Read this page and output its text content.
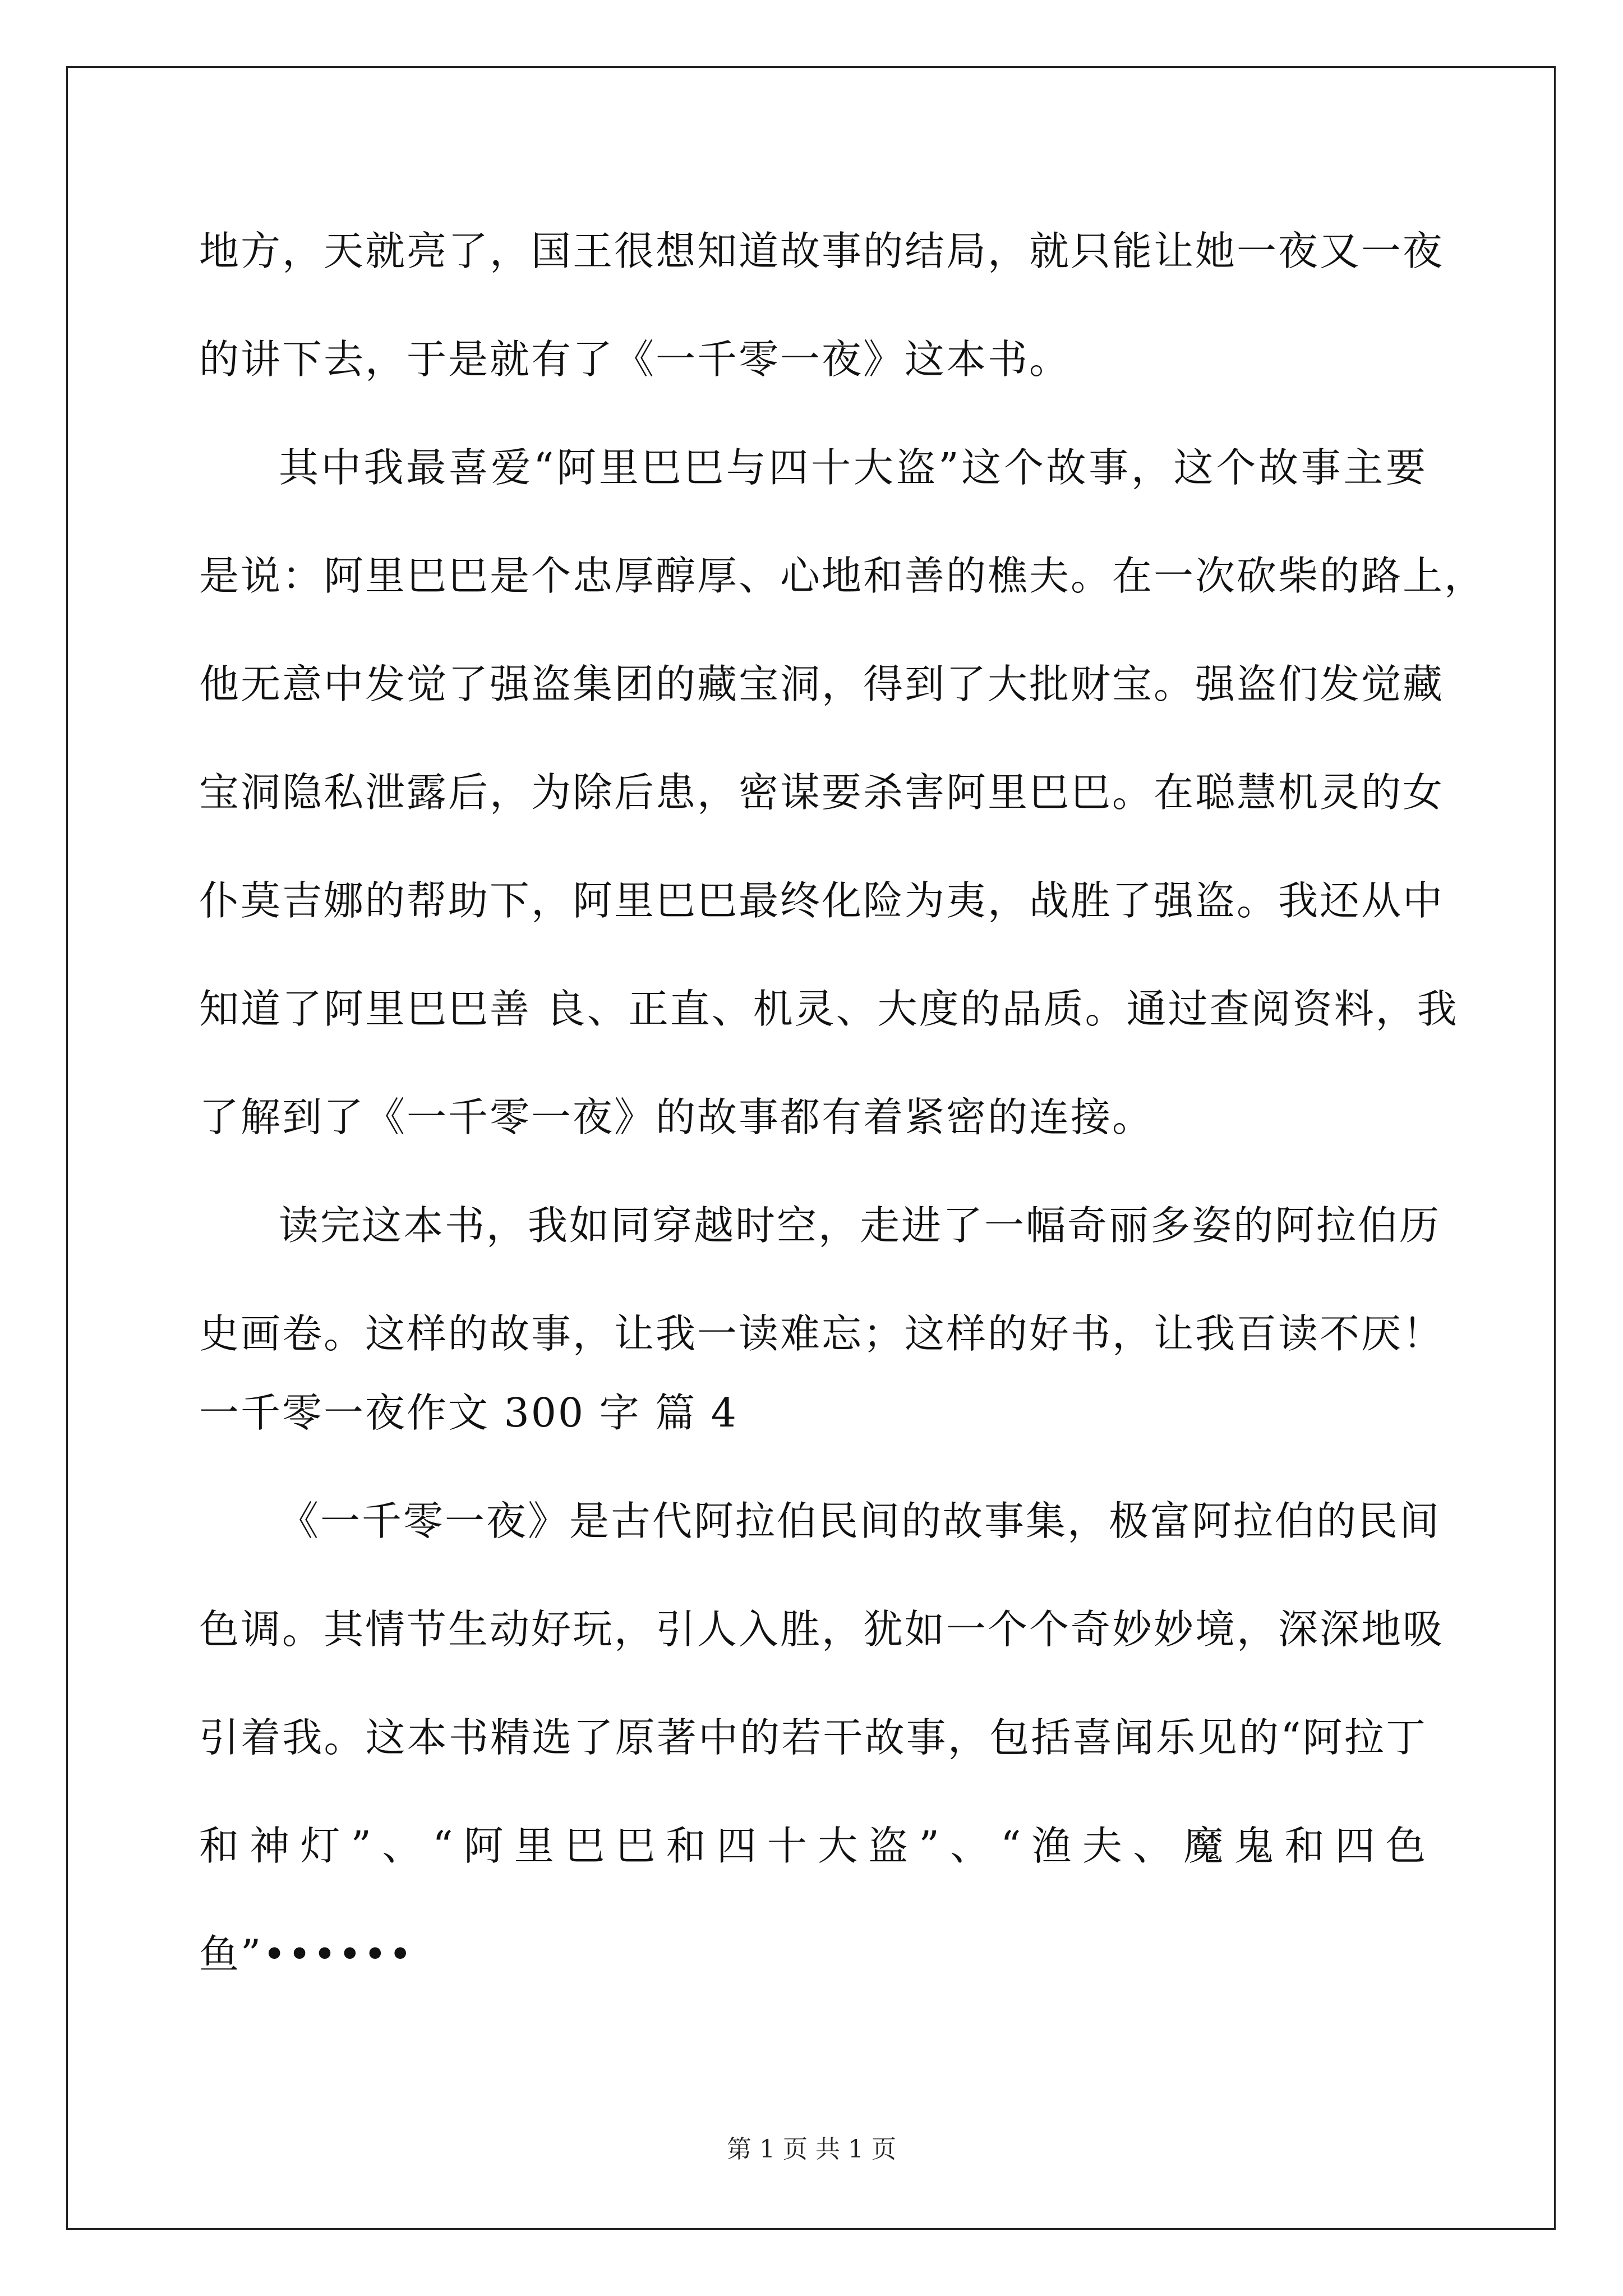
地方，天就亮了，国王很想知道故事的结局，就只能让她一夜又一夜
的讲下去，于是就有了《一千零一夜》这本书。
其中我最喜爱“阿里巴巴与四十大盗”这个故事，这个故事主要
是说：阿里巴巴是个忠厚醇厚、心地和善的樵夫。在一次砍柴的路上，
他无意中发觉了强盗集团的藏宝洞，得到了大批财宝。强盗们发觉藏
宝洞隐私泄露后，为除后患，密谋要杀害阿里巴巴。在聪慧机灵的女
仆莫吉娜的帮助下，阿里巴巴最终化险为夷，战胜了强盗。我还从中
知道了阿里巴巴善 良、正直、机灵、大度的品质。通过查阅资料，我
了解到了《一千零一夜》的故事都有着紧密的连接。
读完这本书，我如同穿越时空，走进了一幅奇丽多姿的阿拉伯历
史画卷。这样的故事，让我一读难忘；这样的好书，让我百读不厌！
一千零一夜作文 300 字 篇 4
《一千零一夜》是古代阿拉伯民间的故事集，极富阿拉伯的民间
色调。其情节生动好玩，引人入胜，犹如一个个奇妙妙境，深深地吸
引着我。这本书精选了原著中的若干故事，包括喜闻乐见的“阿拉丁
和神灯”、“阿里巴巴和四十大盗”、“渔夫、魔鬼和四色
鱼”••••••
第 1 页 共 1 页
